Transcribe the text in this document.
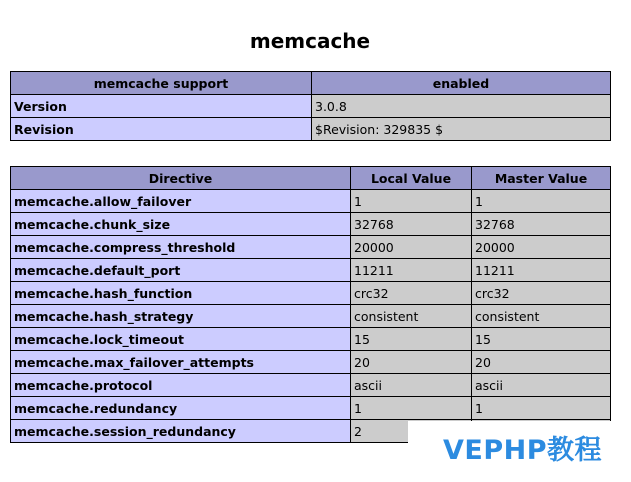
memcache
memcache support	enabled
Version	3.0.8
Revision	$Revision: 329835 $
Directive	Local Value	Master Value
memcache.allow_failover	1	1
memcache.chunk_size	32768	32768
memcache.compress_threshold	20000	20000
memcache.default_port	11211	11211
memcache.hash_function	crc32	crc32
memcache.hash_strategy	consistent	consistent
memcache.lock_timeout	15	15
memcache.max_failover_attempts	20	20
memcache.protocol	ascii	ascii
memcache.redundancy	1	1
memcache.session_redundancy	2	
VEPHP教程
